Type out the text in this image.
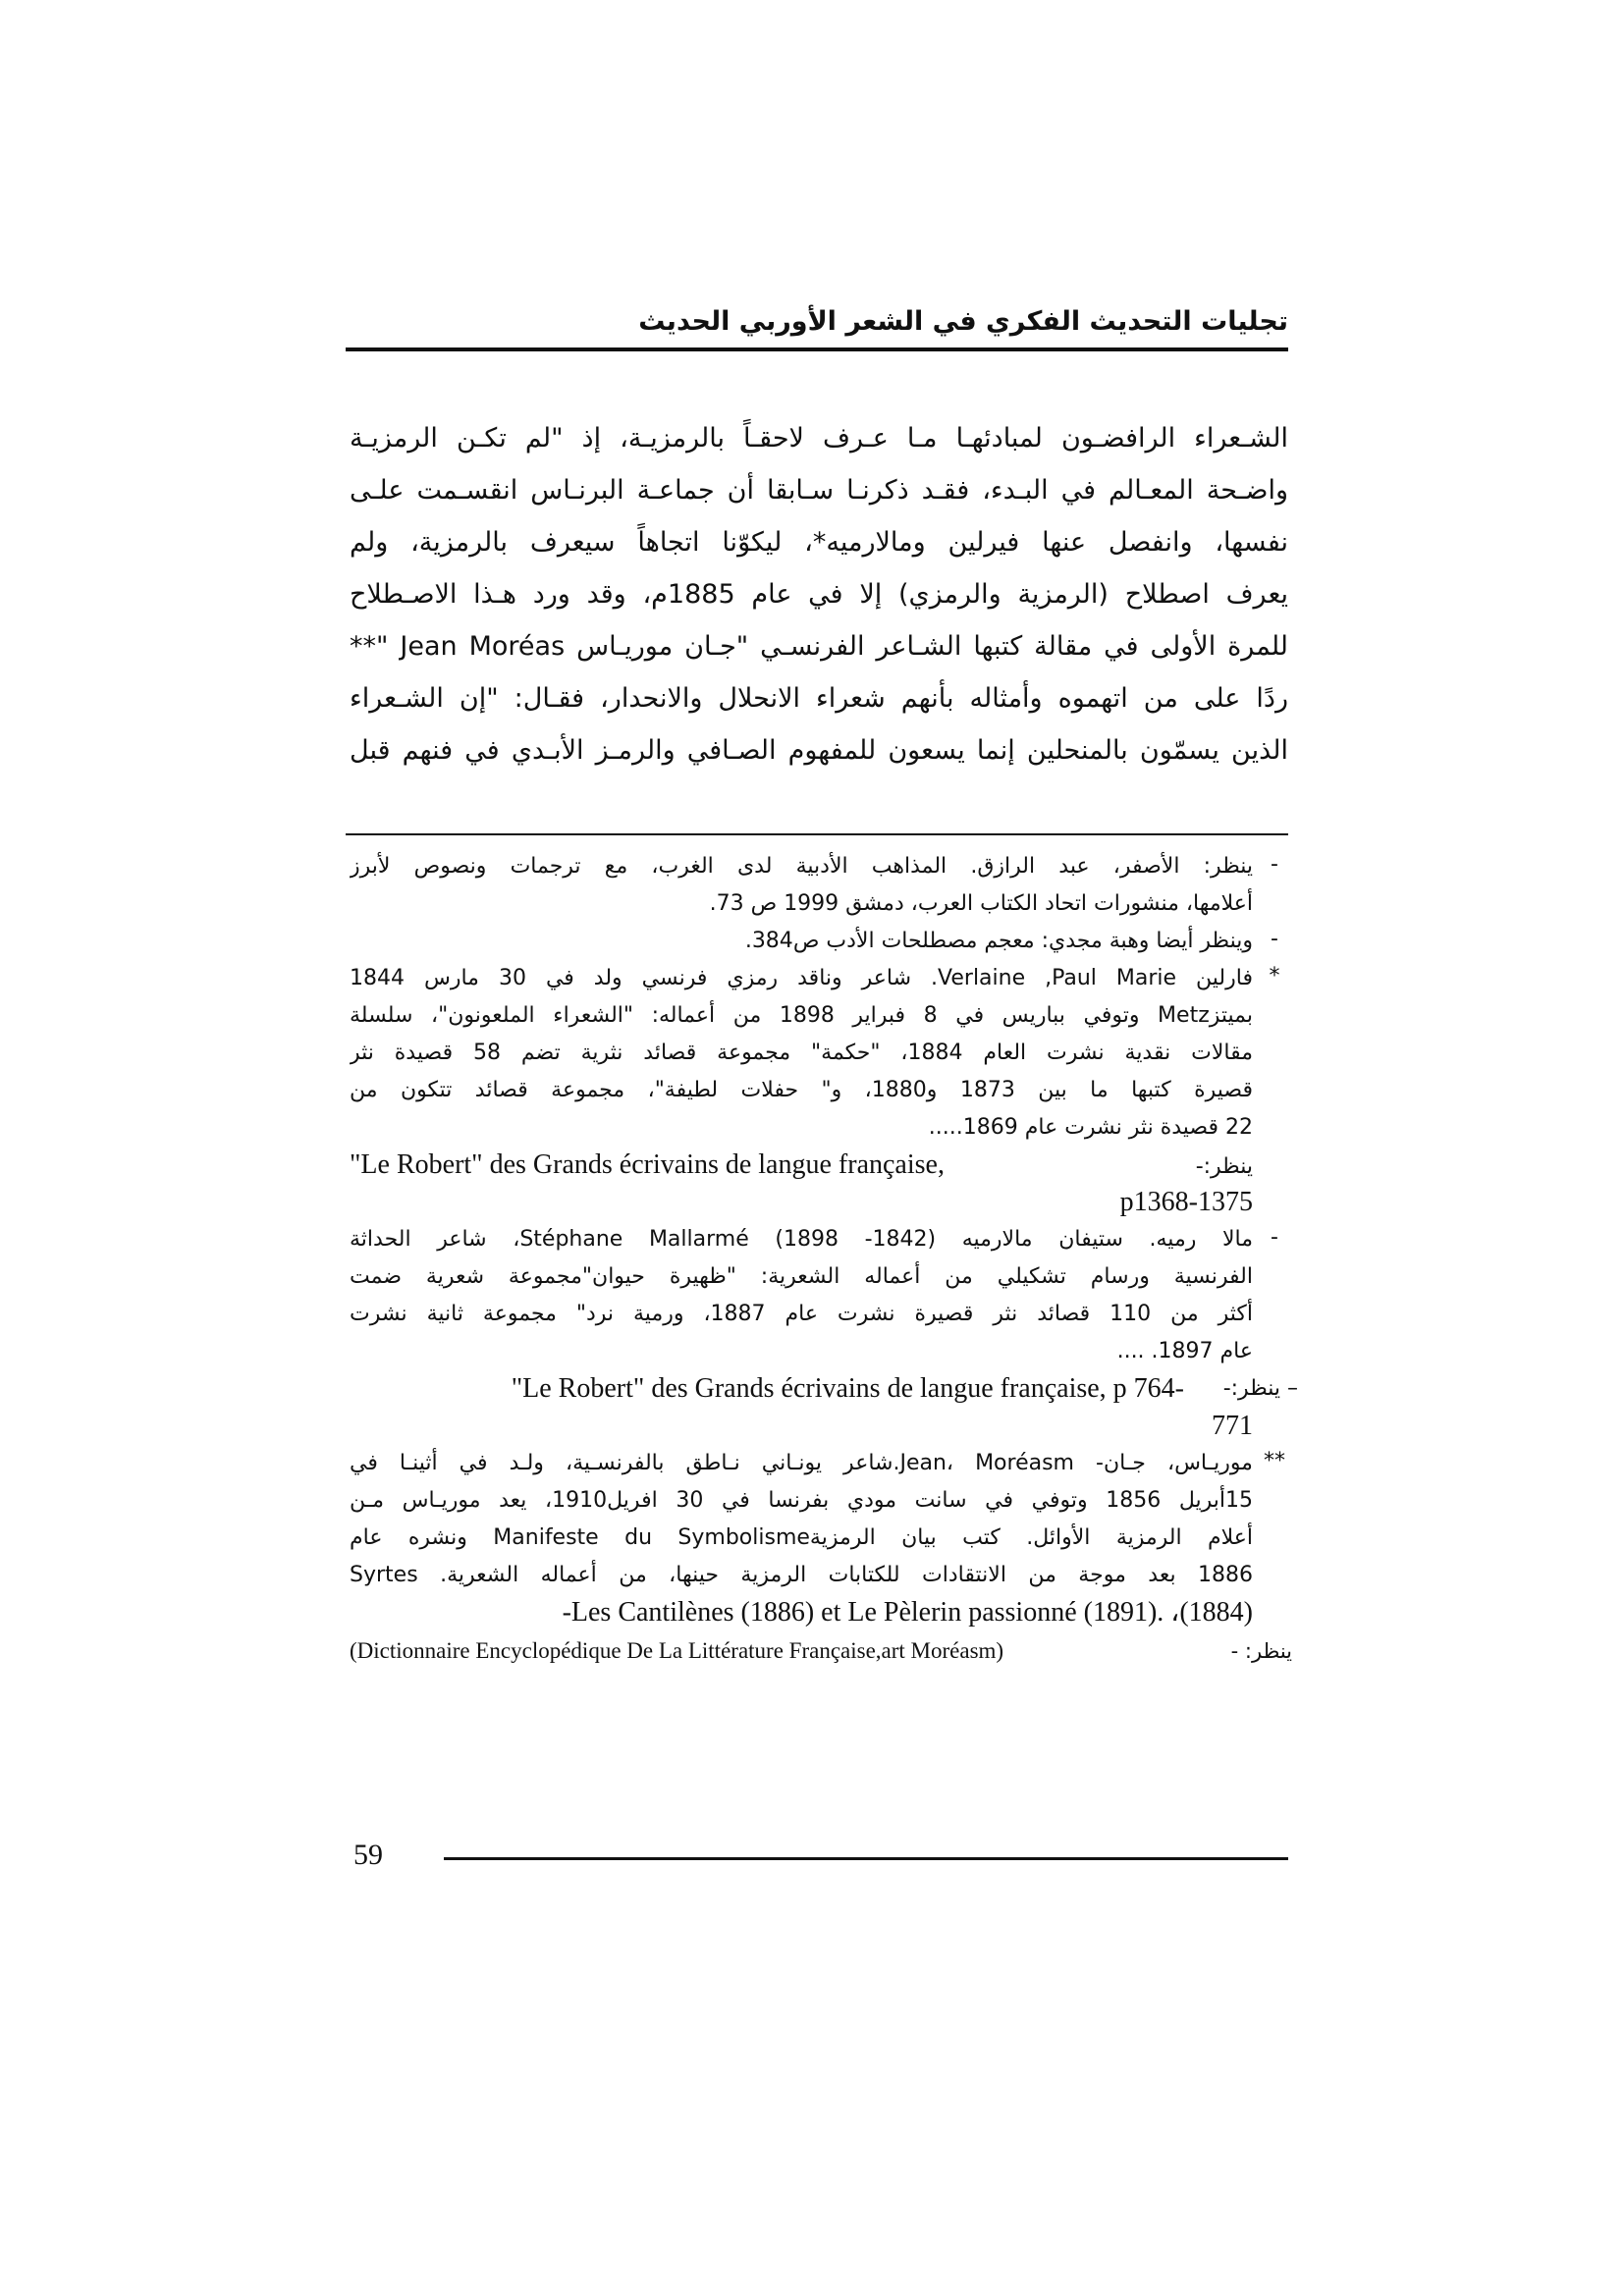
تجليات التحديث الفكري في الشعر الأوربي الحديث
الشـعراء الرافضـون لمبادئهـا مـا عـرف لاحقـاً بالرمزيـة، إذ "لم تكـن الرمزيـة
واضـحة المعـالم في البـدء، فقـد ذكرنـا سـابقا أن جماعـة البرنـاس انقسـمت علـى
نفسها، وانفصل عنها فيرلين ومالارميه*، ليكوّنا اتجاهاً سيعرف بالرمزية، ولم
يعرف اصطلاح (الرمزية والرمزي) إلا في عام 1885م، وقد ورد هـذا الاصـطلاح
للمرة الأولى في مقالة كتبها الشـاعر الفرنسـي "جـان موريـاس Jean Moréas "**
ردًا على من اتهموه وأمثاله بأنهم شعراء الانحلال والانحدار، فقـال: "إن الشـعراء
الذين يسمّون بالمنحلين إنما يسعون للمفهوم الصـافي والرمـز الأبـدي في فنهم قبل
-
ينظر: الأصفر، عبد الرازق. المذاهب الأدبية لدى الغرب، مع ترجمات ونصوص لأبرز
أعلامها، منشورات اتحاد الكتاب العرب، دمشق 1999 ص 73.
-
وينظر أيضا وهبة مجدي: معجم مصطلحات الأدب ص384.
*
فارلين Verlaine ,Paul Marie. شاعر وناقد رمزي فرنسي ولد في 30 مارس 1844
بميتزMetz وتوفي بباريس في 8 فبراير 1898 من أعماله: "الشعراء الملعونون"، سلسلة
مقالات نقدية نشرت العام 1884، "حكمة" مجموعة قصائد نثرية تضم 58 قصيدة نثر
قصيرة كتبها ما بين 1873 و1880، و" حفلات لطيفة"، مجموعة قصائد تتكون من
22 قصيدة نثر نشرت عام 1869.....
ينظر:-
"Le Robert" des Grands écrivains de langue française,
p1368-1375
-
مالا رميه. ستيفان مالارميه (1842- 1898) Stéphane Mallarmé، شاعر الحداثة
الفرنسية ورسام تشكيلي من أعماله الشعرية: "ظهيرة حيوان"مجموعة شعرية ضمت
أكثر من 110 قصائد نثر قصيرة نشرت عام 1887، ورمية نرد" مجموعة ثانية نشرت
عام 1897. ....
– ينظر:-
"Le Robert" des Grands écrivains de langue française, p 764-
771
**
موريـاس، جـان- Jean، Moréasm.شاعر يونـاني نـاطق بالفرنسـية، ولـد في أثينـا في
15أبريل 1856 وتوفي في سانت مودي بفرنسا في 30 افريل1910، يعد موريـاس مـن
أعلام الرمزية الأوائل. كتب بيان الرمزيةManifeste du Symbolisme ونشره عام
1886 بعد موجة من الانتقادات للكتابات الرمزية حينها، من أعماله الشعرية. Syrtes
(1884)، .Les Cantilènes (1886) et Le Pèlerin passionné (1891)-
ينظر: -
(Dictionnaire Encyclopédique De La Littérature Française,art Moréasm)
59
